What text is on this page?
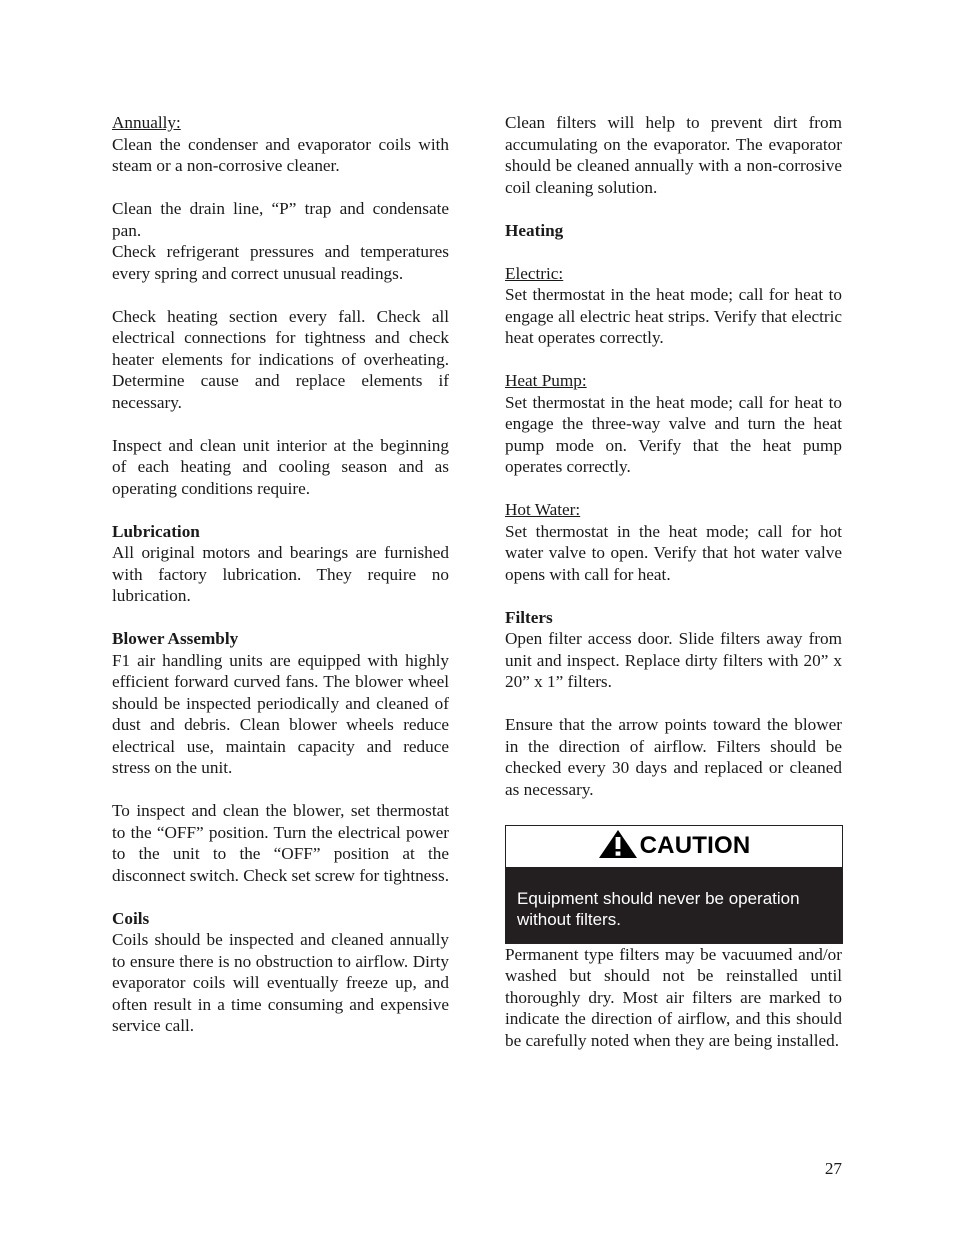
Annually:

Clean the condenser and evaporator coils with steam or a non-corrosive cleaner.

Clean the drain line, “P” trap and condensate pan.

Check refrigerant pressures and temperatures every spring and correct unusual readings.

Check heating section every fall. Check all electrical connections for tightness and check heater elements for indications of overheating. Determine cause and replace elements if necessary.

Inspect and clean unit interior at the beginning of each heating and cooling season and as operating conditions require.

Lubrication

All original motors and bearings are furnished with factory lubrication. They require no lubrication.

Blower Assembly

F1 air handling units are equipped with highly efficient forward curved fans. The blower wheel should be inspected periodically and cleaned of dust and debris. Clean blower wheels reduce electrical use, maintain capacity and reduce stress on the unit.

To inspect and clean the blower, set thermostat to the “OFF” position. Turn the electrical power to the unit to the “OFF” position at the disconnect switch. Check set screw for tightness.

Coils

Coils should be inspected and cleaned annually to ensure there is no obstruction to airflow. Dirty evaporator coils will eventually freeze up, and often result in a time consuming and expensive service call.

Clean filters will help to prevent dirt from accumulating on the evaporator. The evaporator should be cleaned annually with a non-corrosive coil cleaning solution.

Heating

Electric:

Set thermostat in the heat mode; call for heat to engage all electric heat strips. Verify that electric heat operates correctly.

Heat Pump:

Set thermostat in the heat mode; call for heat to engage the three-way valve and turn the heat pump mode on. Verify that the heat pump operates correctly.

Hot Water:

Set thermostat in the heat mode; call for hot water valve to open. Verify that hot water valve opens with call for heat.

Filters

Open filter access door. Slide filters away from unit and inspect. Replace dirty filters with 20” x 20” x 1” filters.

Ensure that the arrow points toward the blower in the direction of airflow. Filters should be checked every 30 days and replaced or cleaned as necessary.

CAUTION
Equipment should never be operation without filters.

Permanent type filters may be vacuumed and/or washed but should not be reinstalled until thoroughly dry. Most air filters are marked to indicate the direction of airflow, and this should be carefully noted when they are being installed.

27
